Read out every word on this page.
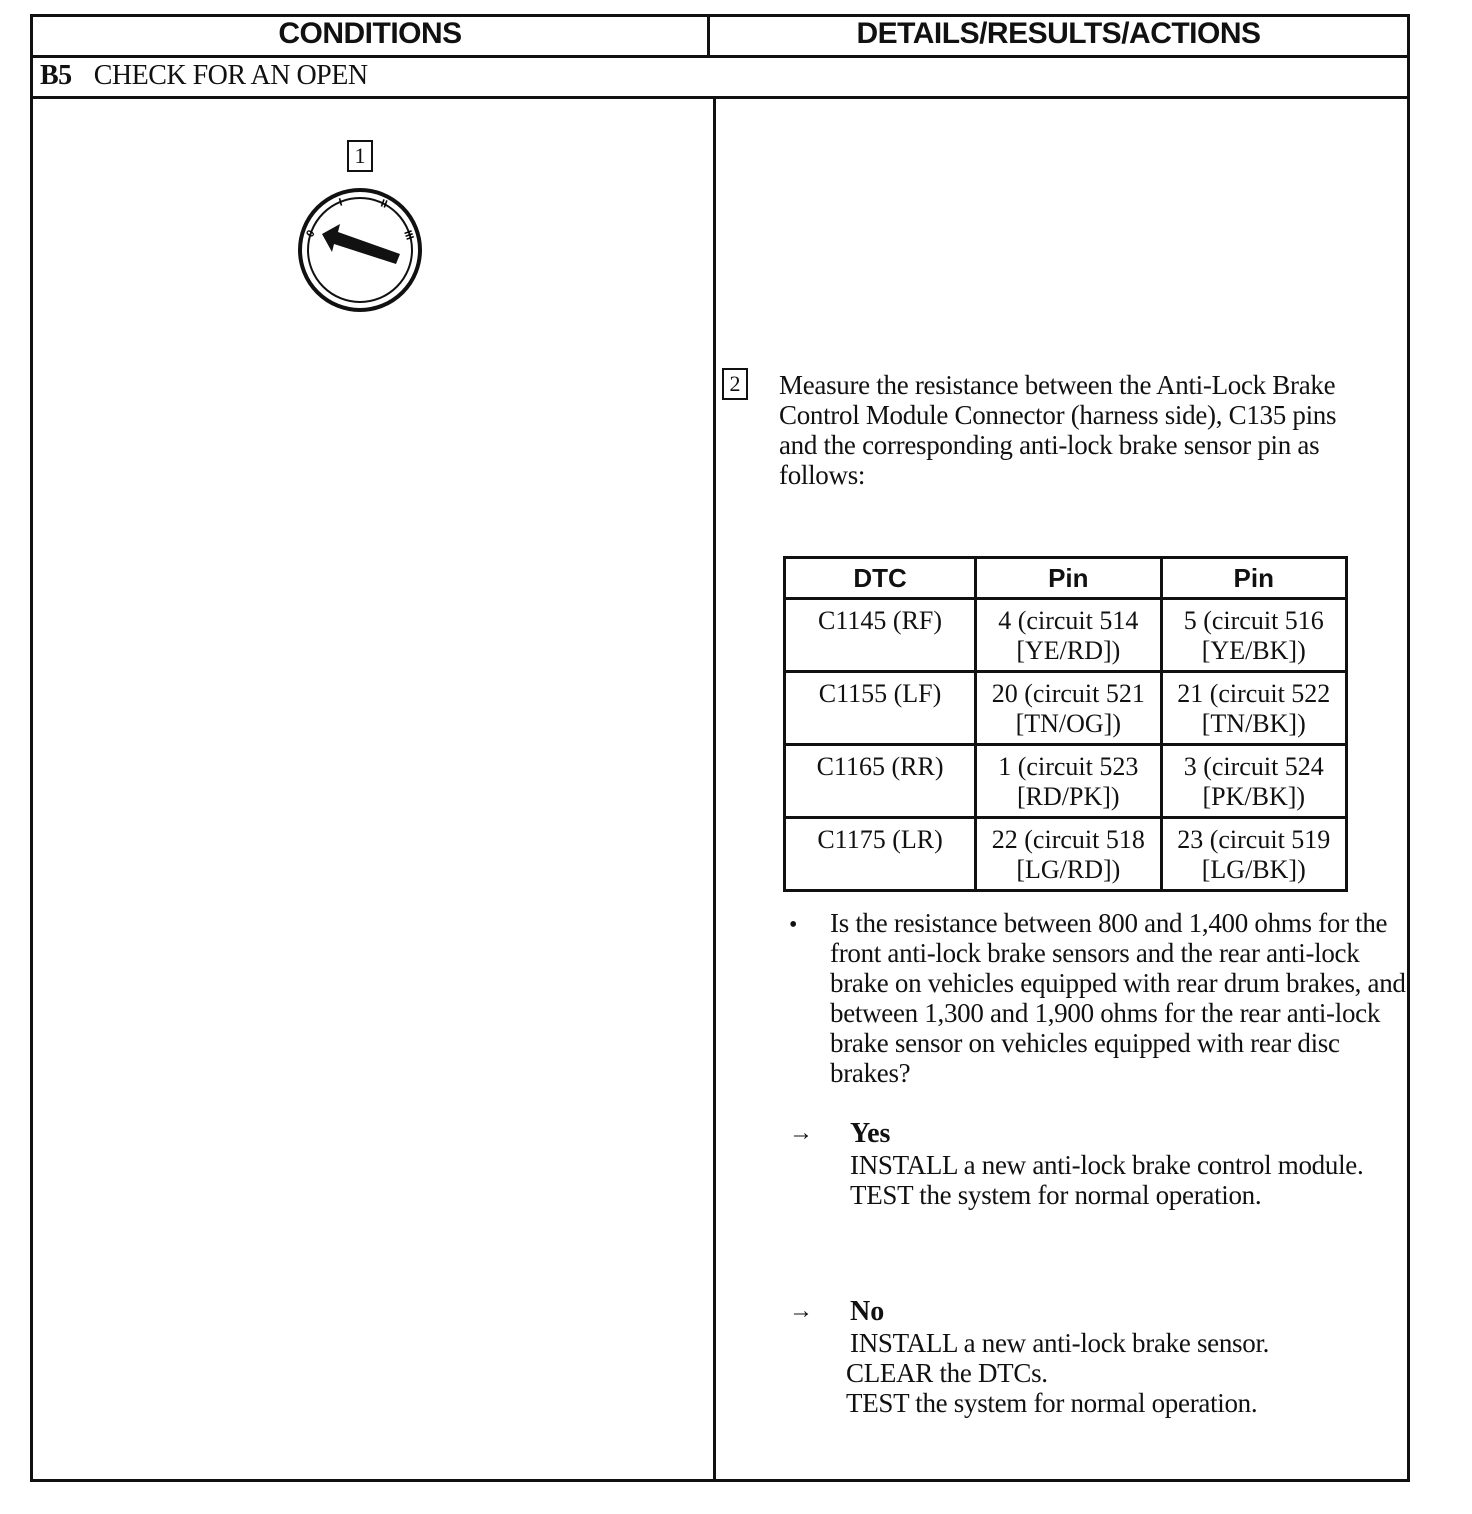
CONDITIONS	DETAILS/RESULTS/ACTIONS
B5 CHECK FOR AN OPEN
1
0
I	II
III
2 Measure the resistance between the Anti-Lock Brake Control Module Connector (harness side), C135 pins and the corresponding anti-lock brake sensor pin as follows:
DTC	Pin	Pin
C1145 (RF)	4 (circuit 514 [YE/RD])	5 (circuit 516 [YE/BK])
C1155 (LF)	20 (circuit 521 [TN/OG])	21 (circuit 522 [TN/BK])
C1165 (RR)	1 (circuit 523 [RD/PK])	3 (circuit 524 [PK/BK])
C1175 (LR)	22 (circuit 518 [LG/RD])	23 (circuit 519 [LG/BK])
• Is the resistance between 800 and 1,400 ohms for the front anti-lock brake sensors and the rear anti-lock brake on vehicles equipped with rear drum brakes, and between 1,300 and 1,900 ohms for the rear anti-lock brake sensor on vehicles equipped with rear disc brakes?
→ Yes
INSTALL a new anti-lock brake control module. TEST the system for normal operation.
→ No
INSTALL a new anti-lock brake sensor.
CLEAR the DTCs.
TEST the system for normal operation.
